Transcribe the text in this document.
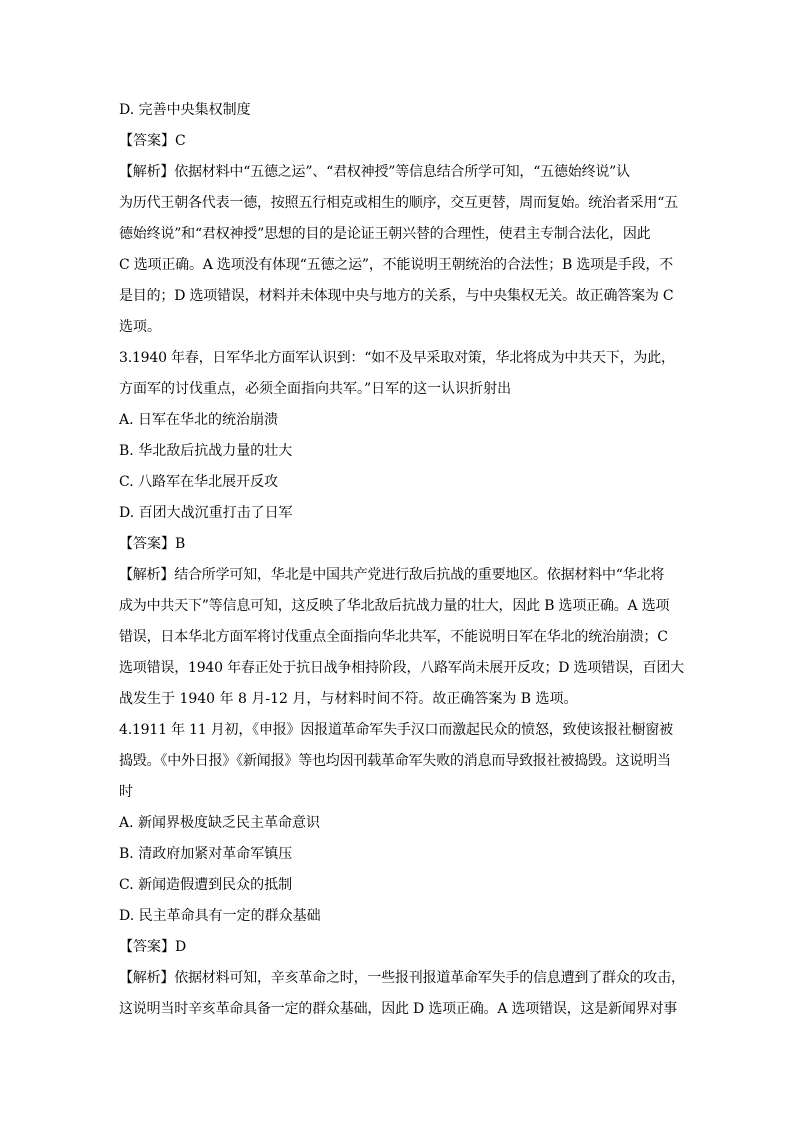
D. 完善中央集权制度

【答案】C

【解析】依据材料中“五德之运”、“君权神授”等信息结合所学可知，“五德始终说”认

为历代王朝各代表一德，按照五行相克或相生的顺序，交互更替，周而复始。统治者采用“五

德始终说”和“君权神授”思想的目的是论证王朝兴替的合理性，使君主专制合法化，因此

C 选项正确。A 选项没有体现“五德之运”，不能说明王朝统治的合法性；B 选项是手段，不

是目的；D 选项错误，材料并未体现中央与地方的关系，与中央集权无关。故正确答案为 C

选项。

3.1940 年春，日军华北方面军认识到：“如不及早采取对策，华北将成为中共天下，为此，

方面军的讨伐重点，必须全面指向共军。”日军的这一认识折射出

A. 日军在华北的统治崩溃

B. 华北敌后抗战力量的壮大

C. 八路军在华北展开反攻

D. 百团大战沉重打击了日军

【答案】B

【解析】结合所学可知，华北是中国共产党进行敌后抗战的重要地区。依据材料中“华北将

成为中共天下”等信息可知，这反映了华北敌后抗战力量的壮大，因此 B 选项正确。A 选项

错误，日本华北方面军将讨伐重点全面指向华北共军，不能说明日军在华北的统治崩溃；C

选项错误，1940 年春正处于抗日战争相持阶段，八路军尚未展开反攻；D 选项错误，百团大

战发生于 1940 年 8 月-12 月，与材料时间不符。故正确答案为 B 选项。

4.1911 年 11 月初，《申报》因报道革命军失手汉口而激起民众的愤怒，致使该报社橱窗被

捣毁。《中外日报》《新闻报》等也均因刊载革命军失败的消息而导致报社被捣毁。这说明当

时

A. 新闻界极度缺乏民主革命意识

B. 清政府加紧对革命军镇压

C. 新闻造假遭到民众的抵制

D. 民主革命具有一定的群众基础

【答案】D

【解析】依据材料可知，辛亥革命之时，一些报刊报道革命军失手的信息遭到了群众的攻击，

这说明当时辛亥革命具备一定的群众基础，因此 D 选项正确。A 选项错误，这是新闻界对事
